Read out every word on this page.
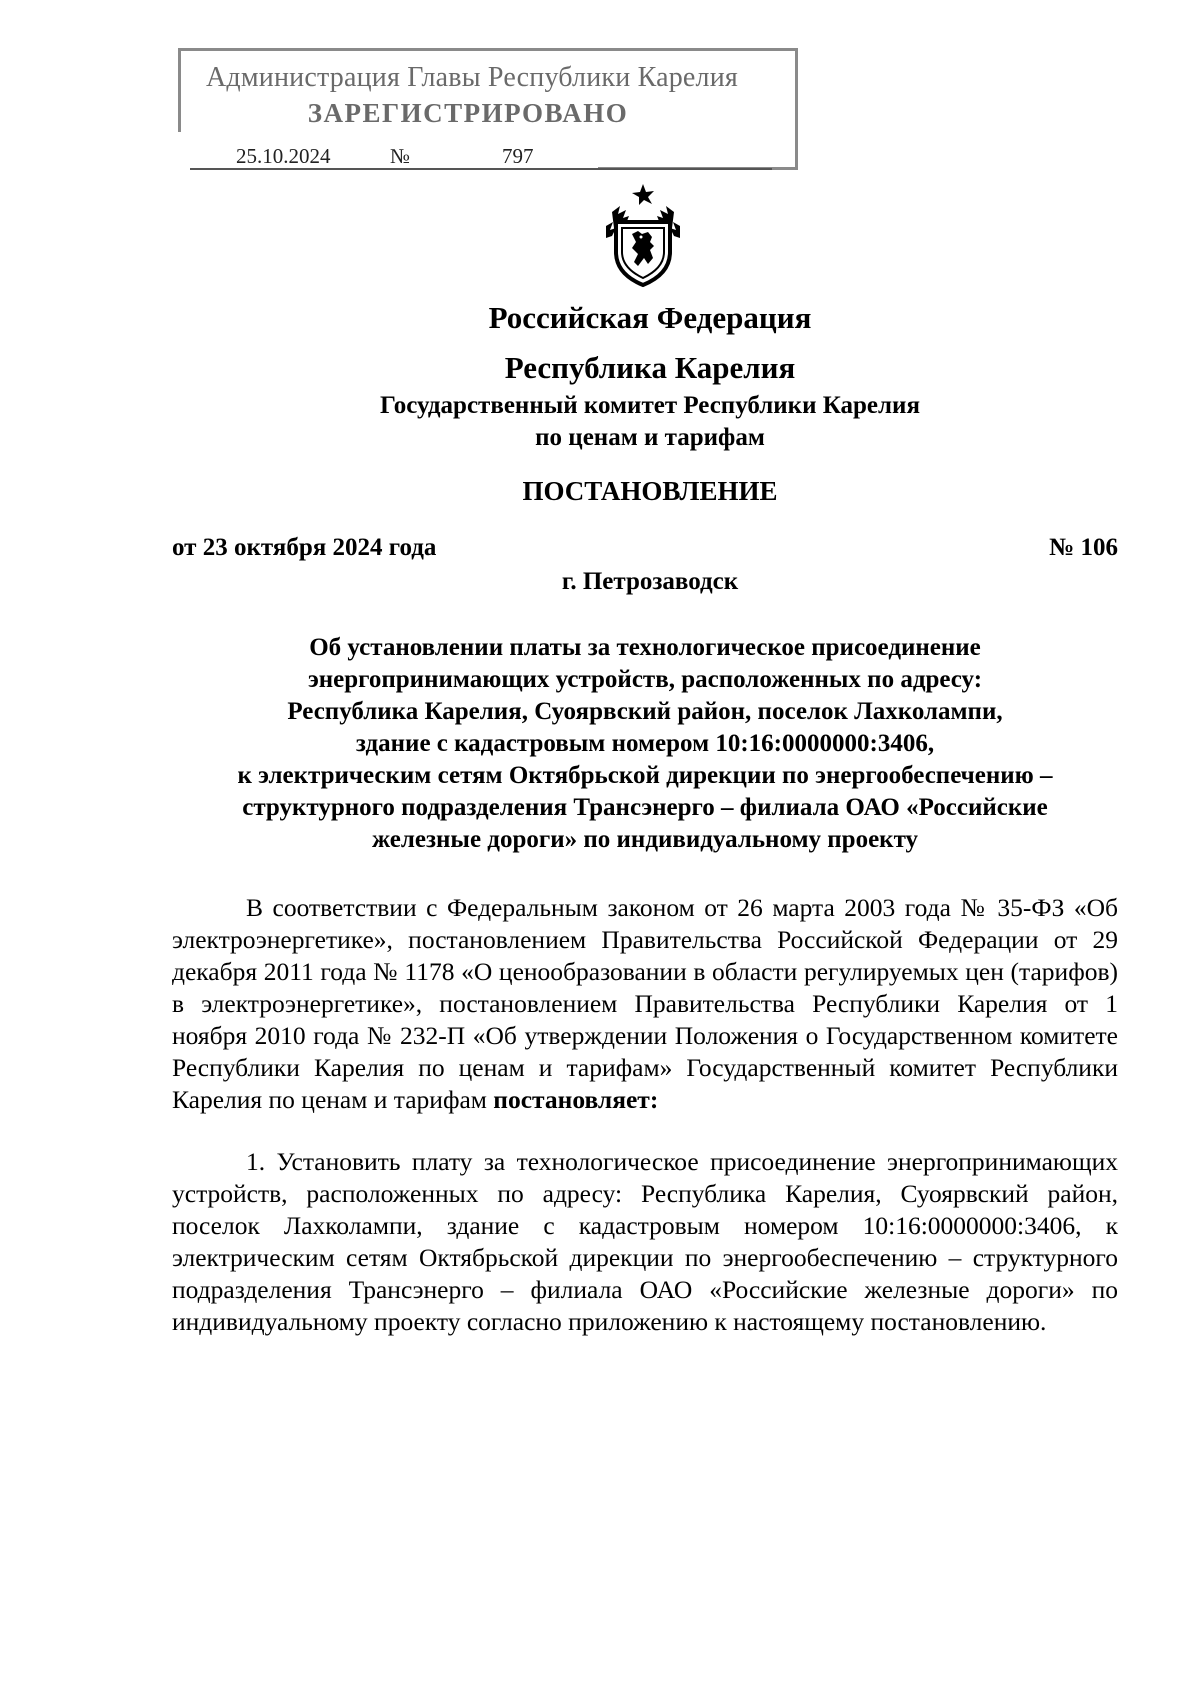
Администрация Главы Республики Карелия
ЗАРЕГИСТРИРОВАНО
25.10.2024	№	797
Российская Федерация
Республика Карелия
Государственный комитет Республики Карелия
по ценам и тарифам
ПОСТАНОВЛЕНИЕ
от 23 октября 2024 года	№ 106
г. Петрозаводск
Об установлении платы за технологическое присоединение
энергопринимающих устройств, расположенных по адресу:
Республика Карелия, Суоярвский район, поселок Лахколампи,
здание с кадастровым номером 10:16:0000000:3406,
к электрическим сетям Октябрьской дирекции по энергообеспечению –
структурного подразделения Трансэнерго – филиала ОАО «Российские
железные дороги» по индивидуальному проекту

В соответствии с Федеральным законом от 26 марта 2003 года № 35-ФЗ «Об электроэнергетике», постановлением Правительства Российской Федерации от 29 декабря 2011 года № 1178 «О ценообразовании в области регулируемых цен (тарифов) в электроэнергетике», постановлением Правительства Республики Карелия от 1 ноября 2010 года № 232-П «Об утверждении Положения о Государственном комитете Республики Карелия по ценам и тарифам» Государственный комитет Республики Карелия по ценам и тарифам постановляет:

1. Установить плату за технологическое присоединение энергопринимающих устройств, расположенных по адресу: Республика Карелия, Суоярвский район, поселок Лахколампи, здание с кадастровым номером 10:16:0000000:3406, к электрическим сетям Октябрьской дирекции по энергообеспечению – структурного подразделения Трансэнерго – филиала ОАО «Российские железные дороги» по индивидуальному проекту согласно приложению к настоящему постановлению.
